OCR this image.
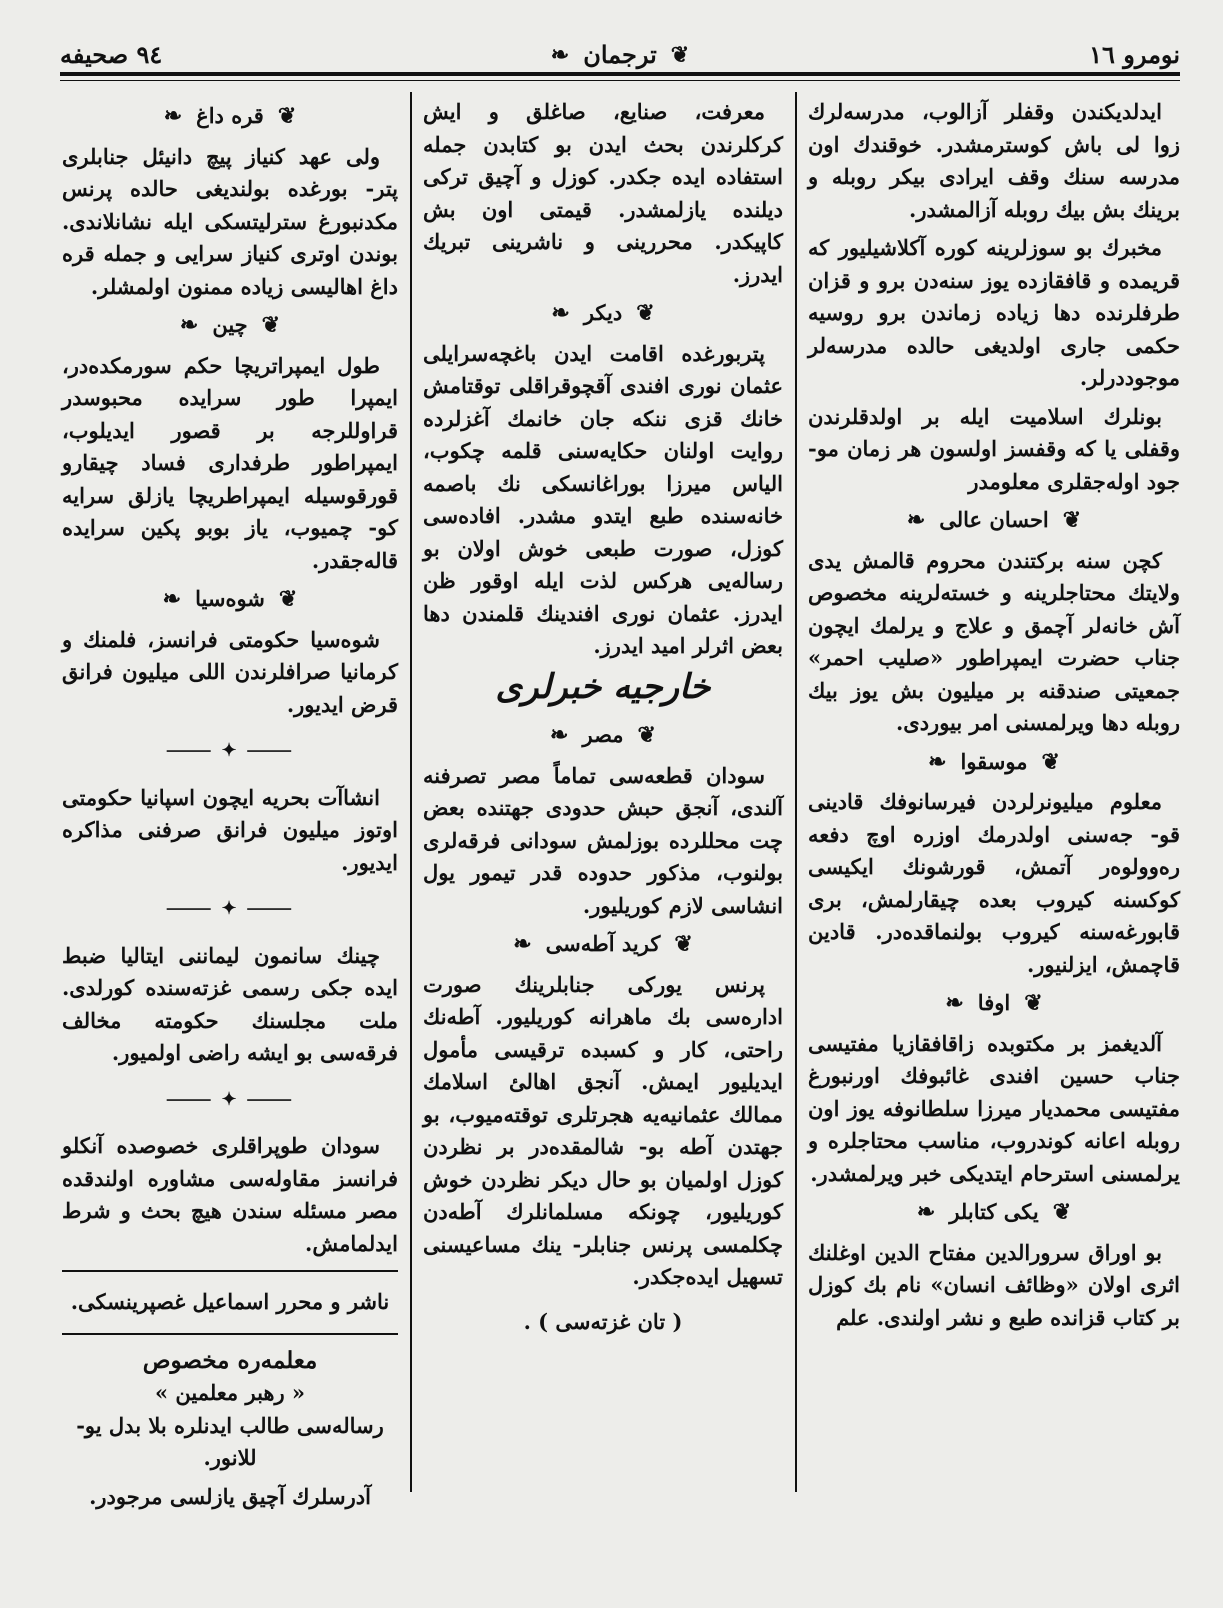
نومرو ١٦
❦
ترجمان
❧
٩٤ صحیفه

ایدلدیکندن وقفلر آزالوب، مدرسه‌لرك زوا لی باش کوسترمشدر. خوقندك اون مدرسه سنك وقف ایرادی بیکر روبله و برینك بش بیك روبله آزالمشدر.

مخبرك بو سوزلرینه کوره آکلاشیلیور که قریمده و قافقازده یوز سنه‌دن برو و قزان طرفلرنده دها زیاده زماندن برو روسیه حکمی جاری اولدیغی حالده مدرسه‌لر موجوددرلر.

بونلرك اسلامیت ایله بر اولدقلرندن وقفلی یا که وقفسز اولسون هر زمان مو- جود اوله‌جقلری معلومدر

❦
احسان عالی
❧

کچن سنه برکتندن محروم قالمش یدی ولایتك محتاجلرینه و خسته‌لرینه مخصوص آش خانه‌لر آچمق و علاج و یرلمك ایچون جناب حضرت ایمپراطور «صلیب احمر» جمعیتی صندقنه بر میلیون بش یوز بیك روبله دها ویرلمسنی امر بیوردی.

❦
موسقوا
❧

معلوم میلیونرلردن فیرسانوفك قادینی قو- جه‌سنی اولدرمك اوزره اوچ دفعه ره‌وولوەر آتمش، قورشونك ایکیسی کوکسنه کیروب بعده چیقارلمش، بری قابورغه‌سنه کیروب بولنماقده‌در. قادین قاچمش، ایزلنیور.

❦
اوفا
❧

آلدیغمز بر مکتوبده زاقافقازیا مفتیسی جناب حسین افندی غائبوفك اورنبورغ مفتیسی محمدیار میرزا سلطانوفه یوز اون روبله اعانه کوندروب، مناسب محتاجلره و یرلمسنی استرحام ایتدیکی خبر ویرلمشدر.

❦
یکی کتابلر
❧

بو اوراق سرورالدین مفتاح الدین اوغلنك اثری اولان «وظائف انسان» نام بك کوزل بر کتاب قزانده طبع و نشر اولندی. علم

معرفت، صنایع، صاغلق و ایش کرکلرندن بحث ایدن بو کتابدن جمله استفاده ایده جکدر. کوزل و آچیق ترکی دیلنده یازلمشدر. قیمتی اون بش کاپیکدر. محررینی و ناشرینی تبریك ایدرز.

❦
دیکر
❧

پتربورغده اقامت ایدن باغچه‌سرایلی عثمان نوری افندی آقچوقراقلی توقتامش خانك قزی ننکه جان خانمك آغزلرده روایت اولنان حکایه‌سنی قلمه چکوب، الیاس میرزا بوراغانسکی نك باصمه خانه‌سنده طبع ایتدو مشدر. افاده‌سی کوزل، صورت طبعی خوش اولان بو رساله‌یی هرکس لذت ایله اوقور ظن ایدرز. عثمان نوری افندینك قلمندن دها بعض اثرلر امید ایدرز.

خارجیه خبرلری
❦
مصر
❧

سودان قطعه‌سی تماماً مصر تصرفنه آلندی، آنجق حبش حدودی جهتنده بعض چت محللرده بوزلمش سودانی فرقه‌لری بولنوب، مذکور حدوده قدر تیمور یول انشاسی لازم کوریلیور.

❦
کرید آطه‌سی
❧

پرنس یورکی جنابلرینك صورت اداره‌سی بك ماهرانه کوریلیور. آطه‌نك راحتی، کار و کسبده ترقیسی مأمول ایدیلیور ایمش. آنجق اهالئ اسلامك ممالك عثمانیه‌یه هجرتلری توقته‌میوب، بو جهتدن آطه بو- شالمقده‌در بر نظردن کوزل اولمیان بو حال دیکر نظردن خوش کوریلیور، چونکه مسلمانلرك آطه‌دن چکلمسی پرنس جنابلر- ینك مساعیسنی تسهیل ایده‌جکدر.

( تان غزته‌سی ) .
❦
قره داغ
❧

ولی عهد کنیاز پیچ دانیئل جنابلری پتر- بورغده بولندیغی حالده پرنس مکدنبورغ سترلیتسکی ایله نشانلاندی. بوندن اوتری کنیاز سرایی و جمله قره داغ اهالیسی زیاده ممنون اولمشلر.

❦
چین
❧

طول ایمپراتریچا حکم سورمکده‌در، ایمپرا طور سرایده محبوسدر قراوللرجه بر قصور ایدیلوب، ایمپراطور طرفداری فساد چیقارو قورقوسیله ایمپراطریچا یازلق سرایه کو- چمیوب، یاز بوبو پکین سرایده قاله‌جقدر.

❦
شوه‌سیا
❧

شوه‌سیا حکومتی فرانسز، فلمنك و کرمانیا صرافلرندن اللی میلیون فرانق قرض ایدیور.

⸻ ✦ ⸻

انشاآت بحریه ایچون اسپانیا حکومتی اوتوز میلیون فرانق صرفنی مذاکره ایدیور.

⸻ ✦ ⸻

چینك سانمون لیماننی ایتالیا ضبط ایده جکی رسمی غزته‌سنده کورلدی. ملت مجلسنك حکومته مخالف فرقه‌سی بو ایشه راضی اولمیور.

⸻ ✦ ⸻

سودان طوپراقلری خصوصده آنکلو فرانسز مقاوله‌سی مشاوره اولندقده مصر مسئله سندن هیچ بحث و شرط ایدلمامش.

ناشر و محرر اسماعیل غصپرینسکی.
معلمه‌ره مخصوص
« رهبر معلمین »

رساله‌سی طالب ایدنلره بلا بدل یو- للانور.

آدرسلرك آچیق یازلسی مرجودر.
